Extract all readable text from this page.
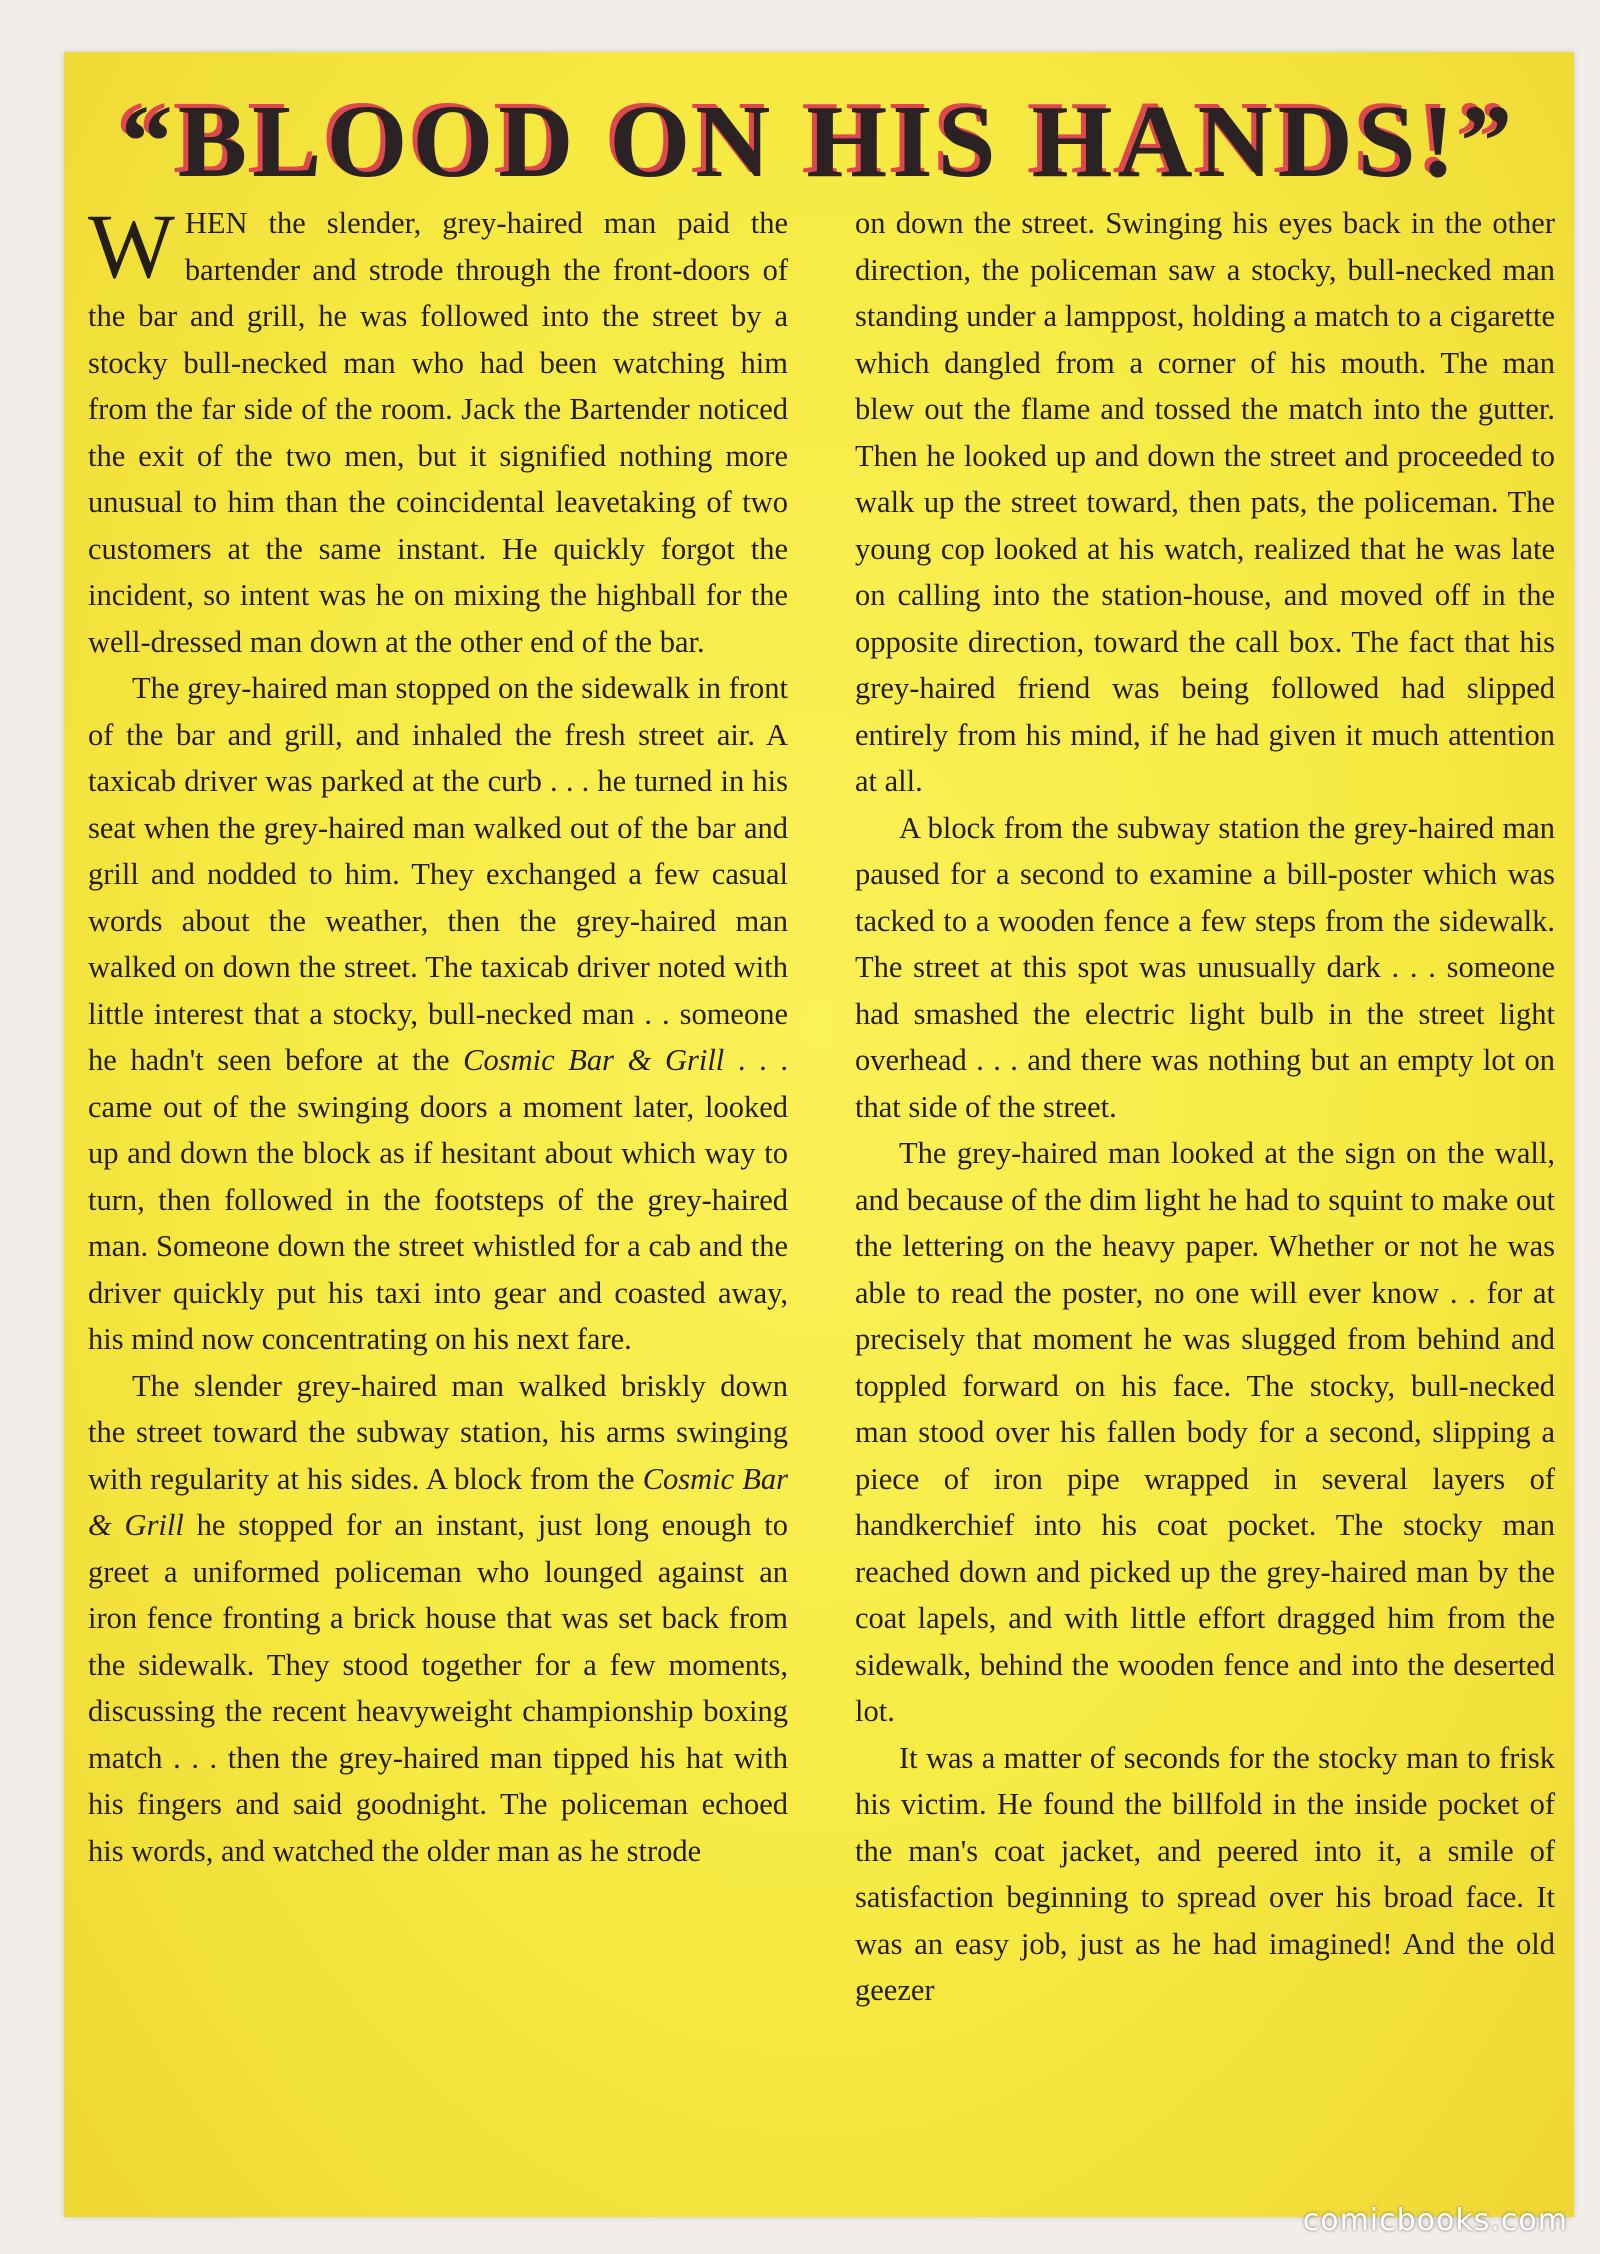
“BLOOD ON HIS HANDS!”

WHEN the slender, grey-haired man paid the bartender and strode through the front-doors of the bar and grill, he was followed into the street by a stocky bull-necked man who had been watching him from the far side of the room. Jack the Bartender noticed the exit of the two men, but it signified nothing more unusual to him than the coincidental leavetaking of two customers at the same instant. He quickly forgot the incident, so intent was he on mixing the highball for the well-dressed man down at the other end of the bar.

The grey-haired man stopped on the sidewalk in front of the bar and grill, and inhaled the fresh street air. A taxicab driver was parked at the curb . . . he turned in his seat when the grey-haired man walked out of the bar and grill and nodded to him. They exchanged a few casual words about the weather, then the grey-haired man walked on down the street. The taxicab driver noted with little interest that a stocky, bull-necked man . . someone he hadn't seen before at the Cosmic Bar & Grill . . . came out of the swinging doors a moment later, looked up and down the block as if hesitant about which way to turn, then followed in the footsteps of the grey-haired man. Someone down the street whistled for a cab and the driver quickly put his taxi into gear and coasted away, his mind now concentrating on his next fare.

The slender grey-haired man walked briskly down the street toward the subway station, his arms swinging with regularity at his sides. A block from the Cosmic Bar & Grill he stopped for an instant, just long enough to greet a uniformed policeman who lounged against an iron fence fronting a brick house that was set back from the sidewalk. They stood together for a few moments, discussing the recent heavyweight championship boxing match . . . then the grey-haired man tipped his hat with his fingers and said goodnight. The policeman echoed his words, and watched the older man as he strode

on down the street. Swinging his eyes back in the other direction, the policeman saw a stocky, bull-necked man standing under a lamppost, holding a match to a cigarette which dangled from a corner of his mouth. The man blew out the flame and tossed the match into the gutter. Then he looked up and down the street and proceeded to walk up the street toward, then pats, the policeman. The young cop looked at his watch, realized that he was late on calling into the station-house, and moved off in the opposite direction, toward the call box. The fact that his grey-haired friend was being followed had slipped entirely from his mind, if he had given it much attention at all.

A block from the subway station the grey-haired man paused for a second to examine a bill-poster which was tacked to a wooden fence a few steps from the sidewalk. The street at this spot was unusually dark . . . someone had smashed the electric light bulb in the street light overhead . . . and there was nothing but an empty lot on that side of the street.

The grey-haired man looked at the sign on the wall, and because of the dim light he had to squint to make out the lettering on the heavy paper. Whether or not he was able to read the poster, no one will ever know . . for at precisely that moment he was slugged from behind and toppled forward on his face. The stocky, bull-necked man stood over his fallen body for a second, slipping a piece of iron pipe wrapped in several layers of handkerchief into his coat pocket. The stocky man reached down and picked up the grey-haired man by the coat lapels, and with little effort dragged him from the sidewalk, behind the wooden fence and into the deserted lot.

It was a matter of seconds for the stocky man to frisk his victim. He found the billfold in the inside pocket of the man's coat jacket, and peered into it, a smile of satisfaction beginning to spread over his broad face. It was an easy job, just as he had imagined! And the old geezer

comicbooks.com
